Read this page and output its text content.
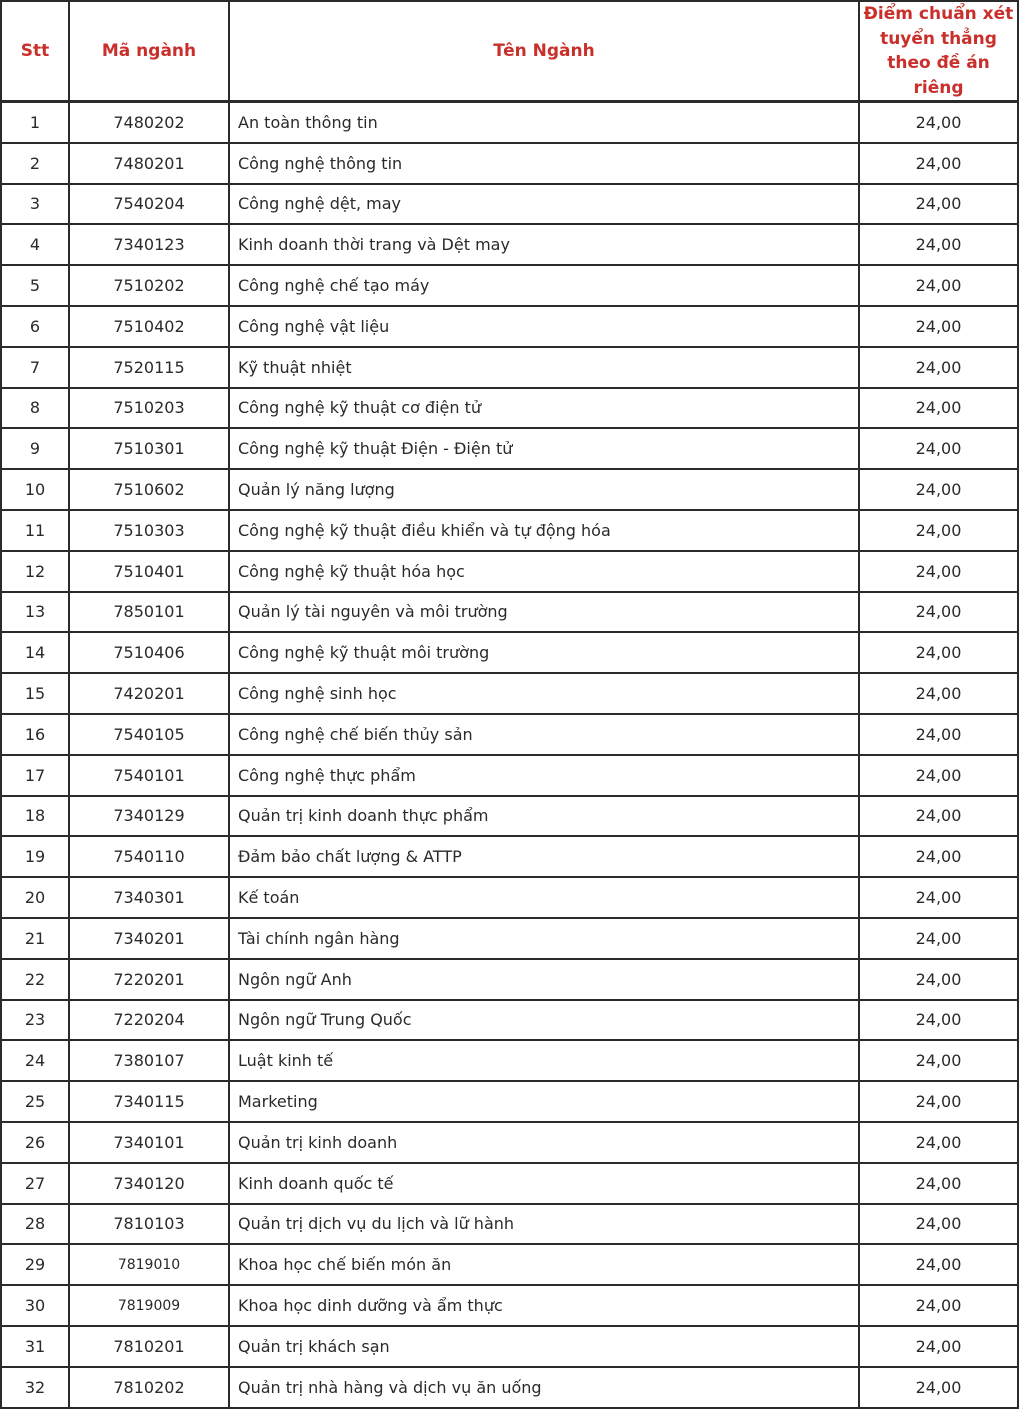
Stt	Mã ngành	Tên Ngành	Điểm chuẩn xét tuyển thẳng theo đề án riêng
1	7480202	An toàn thông tin	24,00
2	7480201	Công nghệ thông tin	24,00
3	7540204	Công nghệ dệt, may	24,00
4	7340123	Kinh doanh thời trang và Dệt may	24,00
5	7510202	Công nghệ chế tạo máy	24,00
6	7510402	Công nghệ vật liệu	24,00
7	7520115	Kỹ thuật nhiệt	24,00
8	7510203	Công nghệ kỹ thuật cơ điện tử	24,00
9	7510301	Công nghệ kỹ thuật Điện - Điện tử	24,00
10	7510602	Quản lý năng lượng	24,00
11	7510303	Công nghệ kỹ thuật điều khiển và tự động hóa	24,00
12	7510401	Công nghệ kỹ thuật hóa học	24,00
13	7850101	Quản lý tài nguyên và môi trường	24,00
14	7510406	Công nghệ kỹ thuật môi trường	24,00
15	7420201	Công nghệ sinh học	24,00
16	7540105	Công nghệ chế biến thủy sản	24,00
17	7540101	Công nghệ thực phẩm	24,00
18	7340129	Quản trị kinh doanh thực phẩm	24,00
19	7540110	Đảm bảo chất lượng & ATTP	24,00
20	7340301	Kế toán	24,00
21	7340201	Tài chính ngân hàng	24,00
22	7220201	Ngôn ngữ Anh	24,00
23	7220204	Ngôn ngữ Trung Quốc	24,00
24	7380107	Luật kinh tế	24,00
25	7340115	Marketing	24,00
26	7340101	Quản trị kinh doanh	24,00
27	7340120	Kinh doanh quốc tế	24,00
28	7810103	Quản trị dịch vụ du lịch và lữ hành	24,00
29	7819010	Khoa học chế biến món ăn	24,00
30	7819009	Khoa học dinh dưỡng và ẩm thực	24,00
31	7810201	Quản trị khách sạn	24,00
32	7810202	Quản trị nhà hàng và dịch vụ ăn uống	24,00
